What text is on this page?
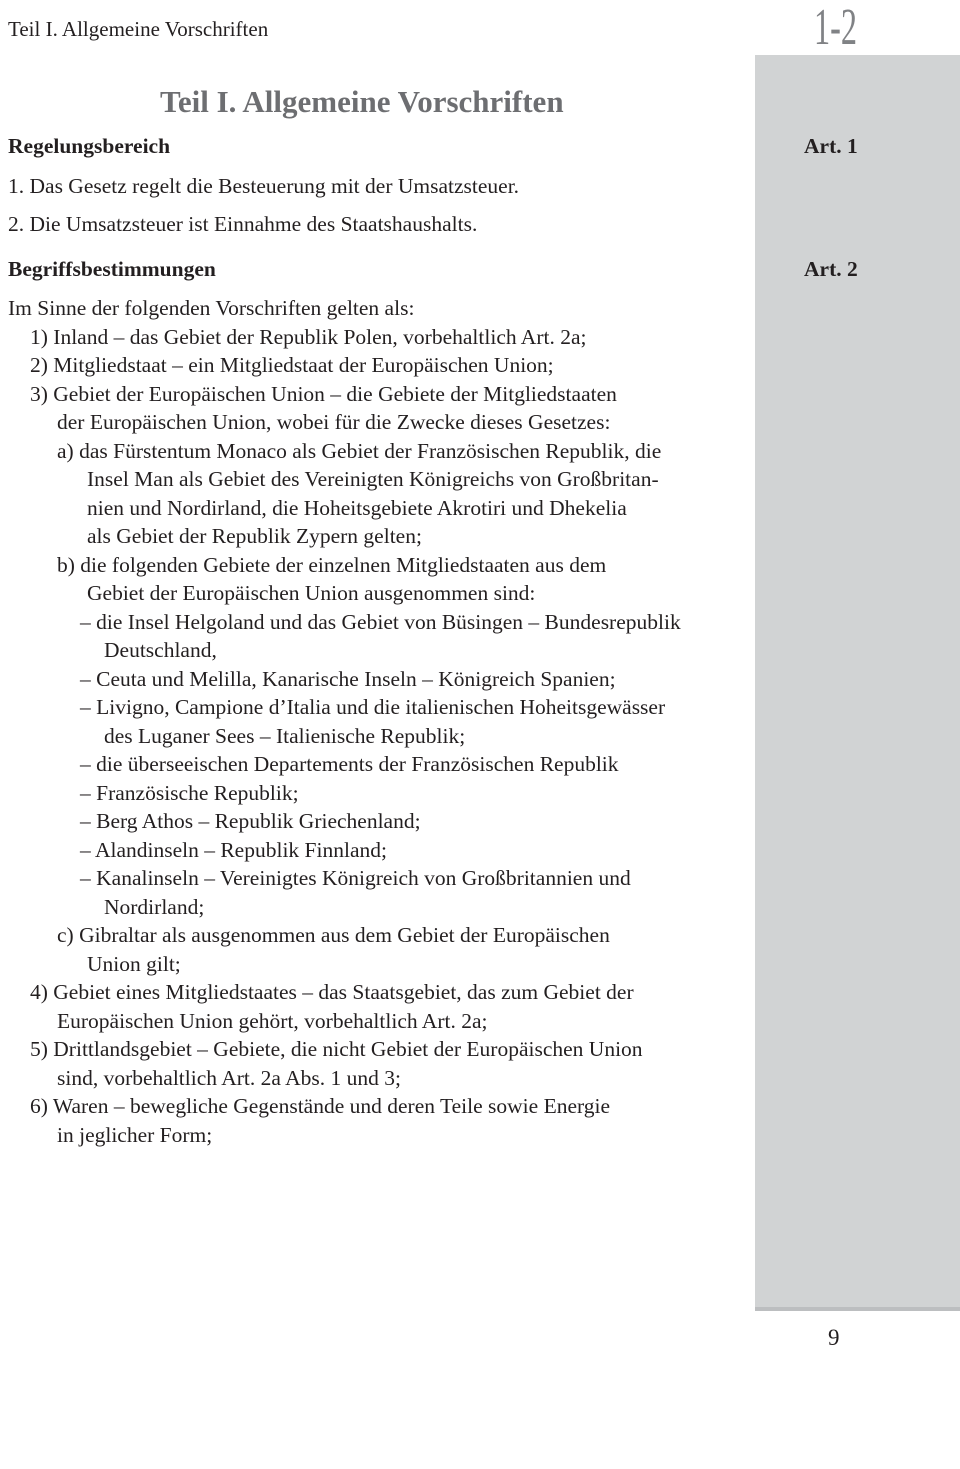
Teil I. Allgemeine Vorschriften	1-2
Teil I. Allgemeine Vorschriften
Regelungsbereich	Art. 1
1. Das Gesetz regelt die Besteuerung mit der Umsatzsteuer.
2. Die Umsatzsteuer ist Einnahme des Staatshaushalts.
Begriffsbestimmungen	Art. 2
Im Sinne der folgenden Vorschriften gelten als:
1) Inland – das Gebiet der Republik Polen, vorbehaltlich Art. 2a;
2) Mitgliedstaat – ein Mitgliedstaat der Europäischen Union;
3) Gebiet der Europäischen Union – die Gebiete der Mitgliedstaaten
der Europäischen Union, wobei für die Zwecke dieses Gesetzes:
a) das Fürstentum Monaco als Gebiet der Französischen Republik, die
Insel Man als Gebiet des Vereinigten Königreichs von Großbritan-
nien und Nordirland, die Hoheitsgebiete Akrotiri und Dhekelia
als Gebiet der Republik Zypern gelten;
b) die folgenden Gebiete der einzelnen Mitgliedstaaten aus dem
Gebiet der Europäischen Union ausgenommen sind:
– die Insel Helgoland und das Gebiet von Büsingen – Bundesrepublik
Deutschland,
– Ceuta und Melilla, Kanarische Inseln – Königreich Spanien;
– Livigno, Campione d’Italia und die italienischen Hoheitsgewässer
des Luganer Sees – Italienische Republik;
– die überseeischen Departements der Französischen Republik
– Französische Republik;
– Berg Athos – Republik Griechenland;
– Alandinseln – Republik Finnland;
– Kanalinseln – Vereinigtes Königreich von Großbritannien und
Nordirland;
c) Gibraltar als ausgenommen aus dem Gebiet der Europäischen
Union gilt;
4) Gebiet eines Mitgliedstaates – das Staatsgebiet, das zum Gebiet der
Europäischen Union gehört, vorbehaltlich Art. 2a;
5) Drittlandsgebiet – Gebiete, die nicht Gebiet der Europäischen Union
sind, vorbehaltlich Art. 2a Abs. 1 und 3;
6) Waren – bewegliche Gegenstände und deren Teile sowie Energie
in jeglicher Form;
9
